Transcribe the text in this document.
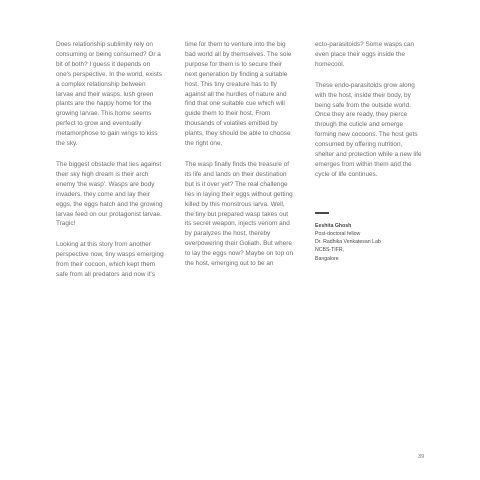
Does relationship sublimity rely on consuming or being consumed? Or a bit of both? I guess it depends on one's perspective. In the world, exists a complex relationship between larvae and their wasps. lush green plants are the happy home for the growing larvae. This home seems perfect to grow and eventually metamorphose to gain wings to kiss the sky.

The biggest obstacle that lies against their sky high dream is their arch enemy 'the wasp'. Wasps are body invaders, they come and lay their eggs, the eggs hatch and the growing larvae feed on our protagonist larvae. Tragic!

Looking at this story from another perspective now, tiny wasps emerging from their cocoon, which kept them safe from all predators and now it's

time for them to venture into the big bad world all by themselves. The sole purpose for them is to secure their next generation by finding a suitable host. This tiny creature has to fly against all the hurdles of nature and find that one suitable cue which will guide them to their host. From thousands of volatiles emitted by plants, they should be able to choose the right one.

The wasp finally finds the treasure of its life and lands on their destination but is it over yet? The real challenge lies in laying their eggs without getting killed by this monstrous larva. Well, the tiny but prepared wasp takes out its secret weapon, injects venom and by paralyzes the host, thereby overpowering their Goliath. But where to lay the eggs now? Maybe on top on the host, emerging out to be an

ecto-parasitoids? Some wasps can even place their eggs inside the homecool.

These endo-parasitoids grow along with the host, inside their body, by being safe from the outside world. Once they are ready, they pierce through the cuticle and emerge forming new cocoons. The host gets consumed by offering nutrition, shelter and protection while a new life emerges from within them and the cycle of life continues.

Eeshita Ghosh
Post-doctoral fellow
Dr. Radhika Venkatesan Lab
NCBS-TIFR,
Bangalore
39
